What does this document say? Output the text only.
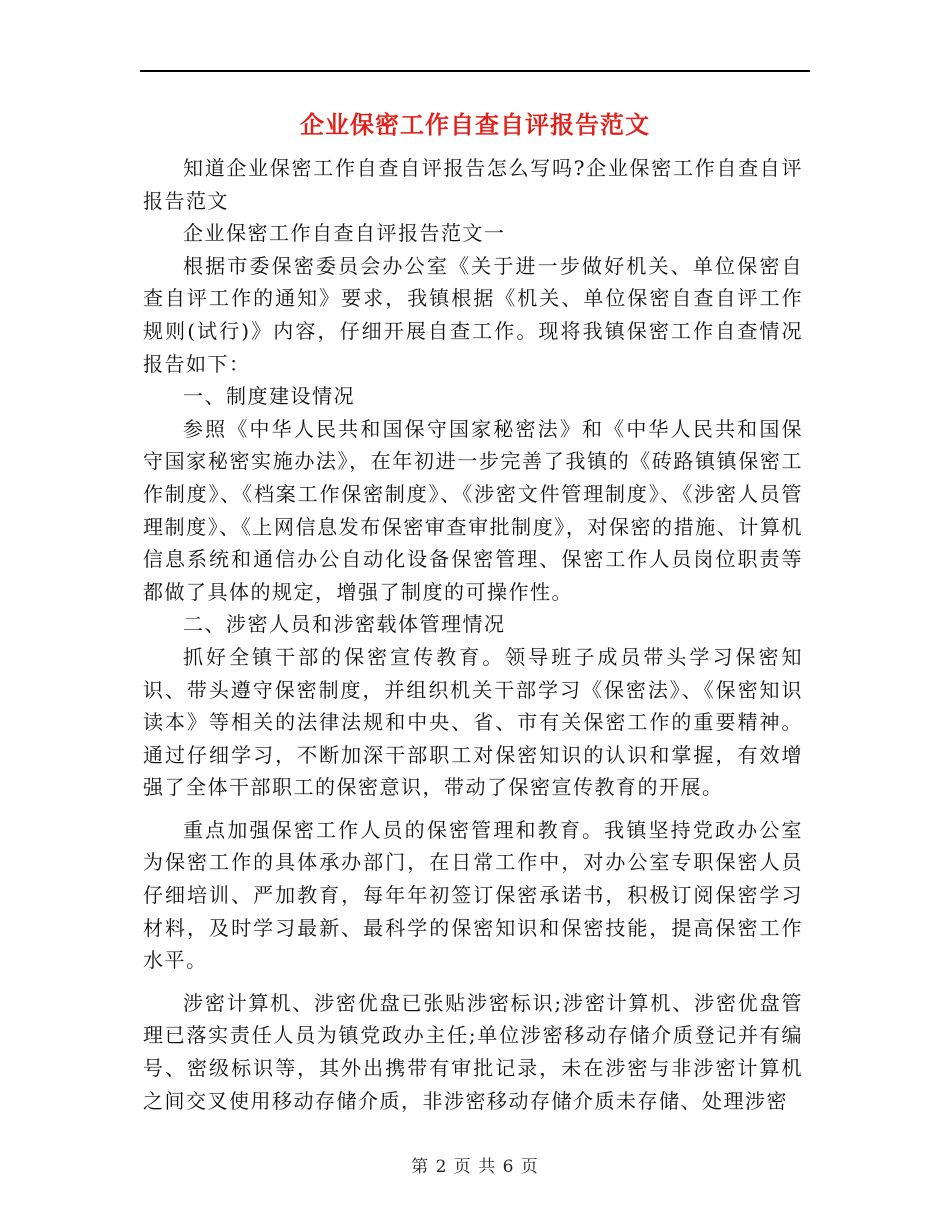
企业保密工作自查自评报告范文

知道企业保密工作自查自评报告怎么写吗?企业保密工作自查自评报告范文

企业保密工作自查自评报告范文一

根据市委保密委员会办公室《关于进一步做好机关、单位保密自查自评工作的通知》要求，我镇根据《机关、单位保密自查自评工作规则(试行)》内容，仔细开展自查工作。现将我镇保密工作自查情况报告如下：

一、制度建设情况

参照《中华人民共和国保守国家秘密法》和《中华人民共和国保守国家秘密实施办法》，在年初进一步完善了我镇的《砖路镇镇保密工作制度》、《档案工作保密制度》、《涉密文件管理制度》、《涉密人员管理制度》、《上网信息发布保密审查审批制度》，对保密的措施、计算机信息系统和通信办公自动化设备保密管理、保密工作人员岗位职责等都做了具体的规定，增强了制度的可操作性。

二、涉密人员和涉密载体管理情况

抓好全镇干部的保密宣传教育。领导班子成员带头学习保密知识、带头遵守保密制度，并组织机关干部学习《保密法》、《保密知识读本》等相关的法律法规和中央、省、市有关保密工作的重要精神。通过仔细学习，不断加深干部职工对保密知识的认识和掌握，有效增强了全体干部职工的保密意识，带动了保密宣传教育的开展。

重点加强保密工作人员的保密管理和教育。我镇坚持党政办公室为保密工作的具体承办部门，在日常工作中，对办公室专职保密人员仔细培训、严加教育，每年年初签订保密承诺书，积极订阅保密学习材料，及时学习最新、最科学的保密知识和保密技能，提高保密工作水平。

涉密计算机、涉密优盘已张贴涉密标识;涉密计算机、涉密优盘管理已落实责任人员为镇党政办主任;单位涉密移动存储介质登记并有编号、密级标识等，其外出携带有审批记录，未在涉密与非涉密计算机之间交叉使用移动存储介质，非涉密移动存储介质未存储、处理涉密

第 2 页 共 6 页
